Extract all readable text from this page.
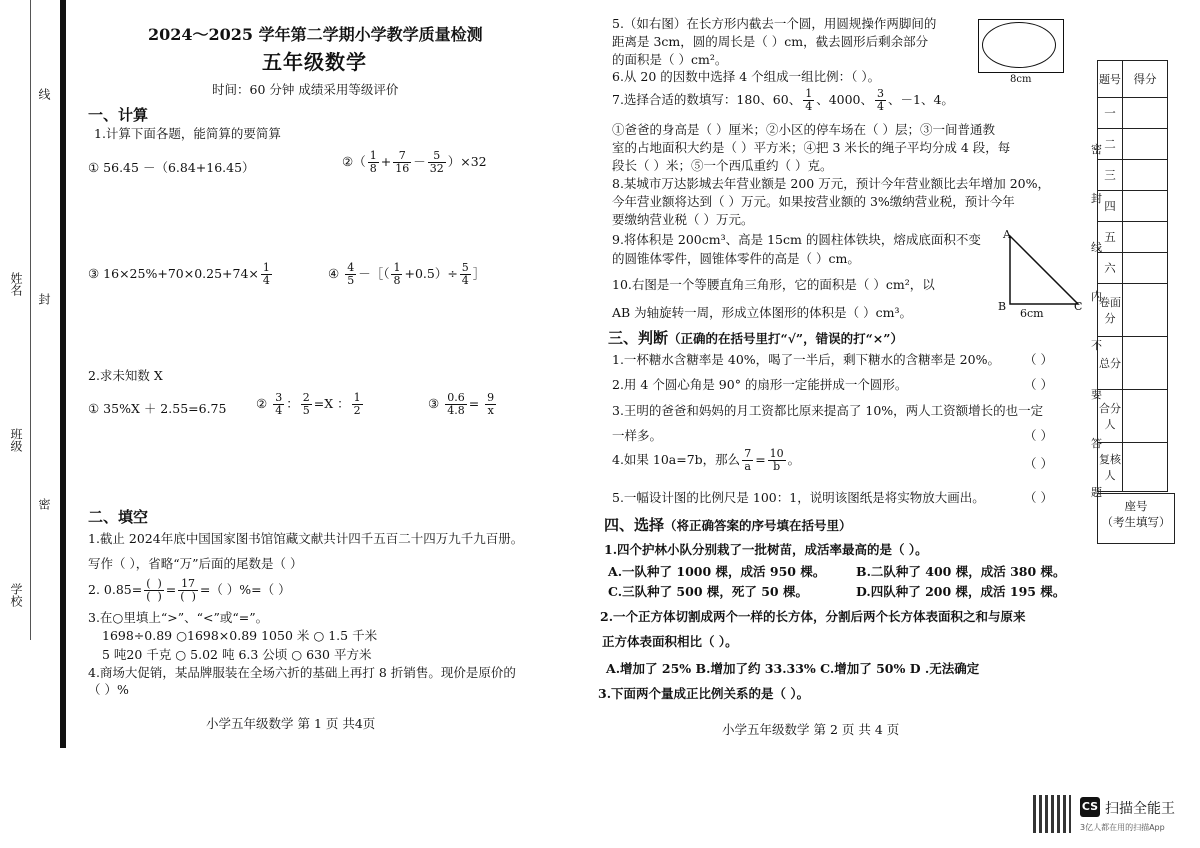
线
封
密
姓名
班级
学校
2024～2025 学年第二学期小学教学质量检测
五年级数学
时间：60 分钟 成绩采用等级评价
一、计算
1.计算下面各题，能简算的要简算
① 56.45 －（6.84+16.45）	②（ $\frac{1}{8} + \frac{7}{16} - \frac{5}{32} )\times 32$
③ $16\times 25\%+70\times 0.25+74\times \frac{1}{4}$	④ $\frac{4}{5}$ －［（ $\frac{1}{8} +0.5)\div \frac{5}{4}$ ］
2.求未知数 X
① 35%X ＋ 2.55=6.75 ② $\frac{3}{4}$ ： $\frac{2}{5} =X$ ： $\frac{1}{2}$	③ $\frac{0.6}{4.8} = \frac{9}{x}$
二、填空
1.截止 2024年底中国国家图书馆馆藏文献共计四千五百二十四万九千九百册。
写作（ ），省略“万”后面的尾数是（ ）
2. $0.85= \frac{( )}{( )} = \frac{17}{( )}$ =（ ）%=（ ）
3.在○里填上“>”、“<”或“=”。
1698÷0.89 ○1698×0.89 1050 米 ○ 1.5 千米
5 吨20 千克 ○ 5.02 吨 6.3 公顷 ○ 630 平方米
4.商场大促销，某品牌服装在全场六折的基础上再打 8 折销售。现价是原价的
（ ）%
小学五年级数学 第 1 页 共4页
5.（如右图）在长方形内截去一个圆，用圆规操作两脚间的
距离是 3cm，圆的周长是（ ）cm，截去圆形后剩余部分
的面积是（ ）cm²。
8cm
6.从 20 的因数中选择 4 个组成一组比例：（ ）。
7.选择合适的数填写：180、60、 $\frac{1}{4}$ 、4000、 $\frac{3}{4}$ 、－1、4。
①爸爸的身高是（ ）厘米；②小区的停车场在（ ）层；③一间普通教
室的占地面积大约是（ ）平方米；④把 3 米长的绳子平均分成 4 段，每
段长（ ）米；⑤一个西瓜重约（ ）克。
8.某城市万达影城去年营业额是 200 万元，预计今年营业额比去年增加 20%，
今年营业额将达到（ ）万元。如果按营业额的 3%缴纳营业税，预计今年
要缴纳营业税（ ）万元。
9.将体积是 200cm³、高是 15cm 的圆柱体铁块，熔成底面积不变
的圆锥体零件，圆锥体零件的高是（ ）cm。
10.右图是一个等腰直角三角形，它的面积是（ ）cm²，以
AB 为轴旋转一周，形成立体图形的体积是（ ）cm³。
A
B	C
6cm
三、判断（正确的在括号里打“√”，错误的打“×”）
1.一杯糖水含糖率是 40%，喝了一半后，剩下糖水的含糖率是 20%。 （ ）
2.用 4 个圆心角是 90° 的扇形一定能拼成一个圆形。	（ ）
3.王明的爸爸和妈妈的月工资都比原来提高了 10%，两人工资额增长的也一定
一样多。	（ ）
4.如果 10a=7b，那么 $\frac{7}{a} = \frac{10}{b}$ 。	（ ）
5.一幅设计图的比例尺是 100：1，说明该图纸是将实物放大画出。	（ ）
四、选择（将正确答案的序号填在括号里）
1.四个护林小队分别栽了一批树苗，成活率最高的是（ ）。
A.一队种了 1000 棵，成活 950 棵。 B.二队种了 400 棵，成活 380 棵。
C.三队种了 500 棵，死了 50 棵。	D.四队种了 200 棵，成活 195 棵。
2.一个正方体切割成两个一样的长方体，分割后两个长方体表面积之和与原来
正方体表面积相比（ ）。
A.增加了 25% B.增加了约 33.33% C.增加了 50% D .无法确定
3.下面两个量成正比例关系的是（ ）。
小学五年级数学 第 2 页 共 4 页
密
封
线
内
不
要
答
题
题号	得分
一	
二	
三	
四	
五	
六	
卷面分	
总分	
合分人	
复核人	
座号
（考生填写）
CS 扫描全能王
3亿人都在用的扫描App
